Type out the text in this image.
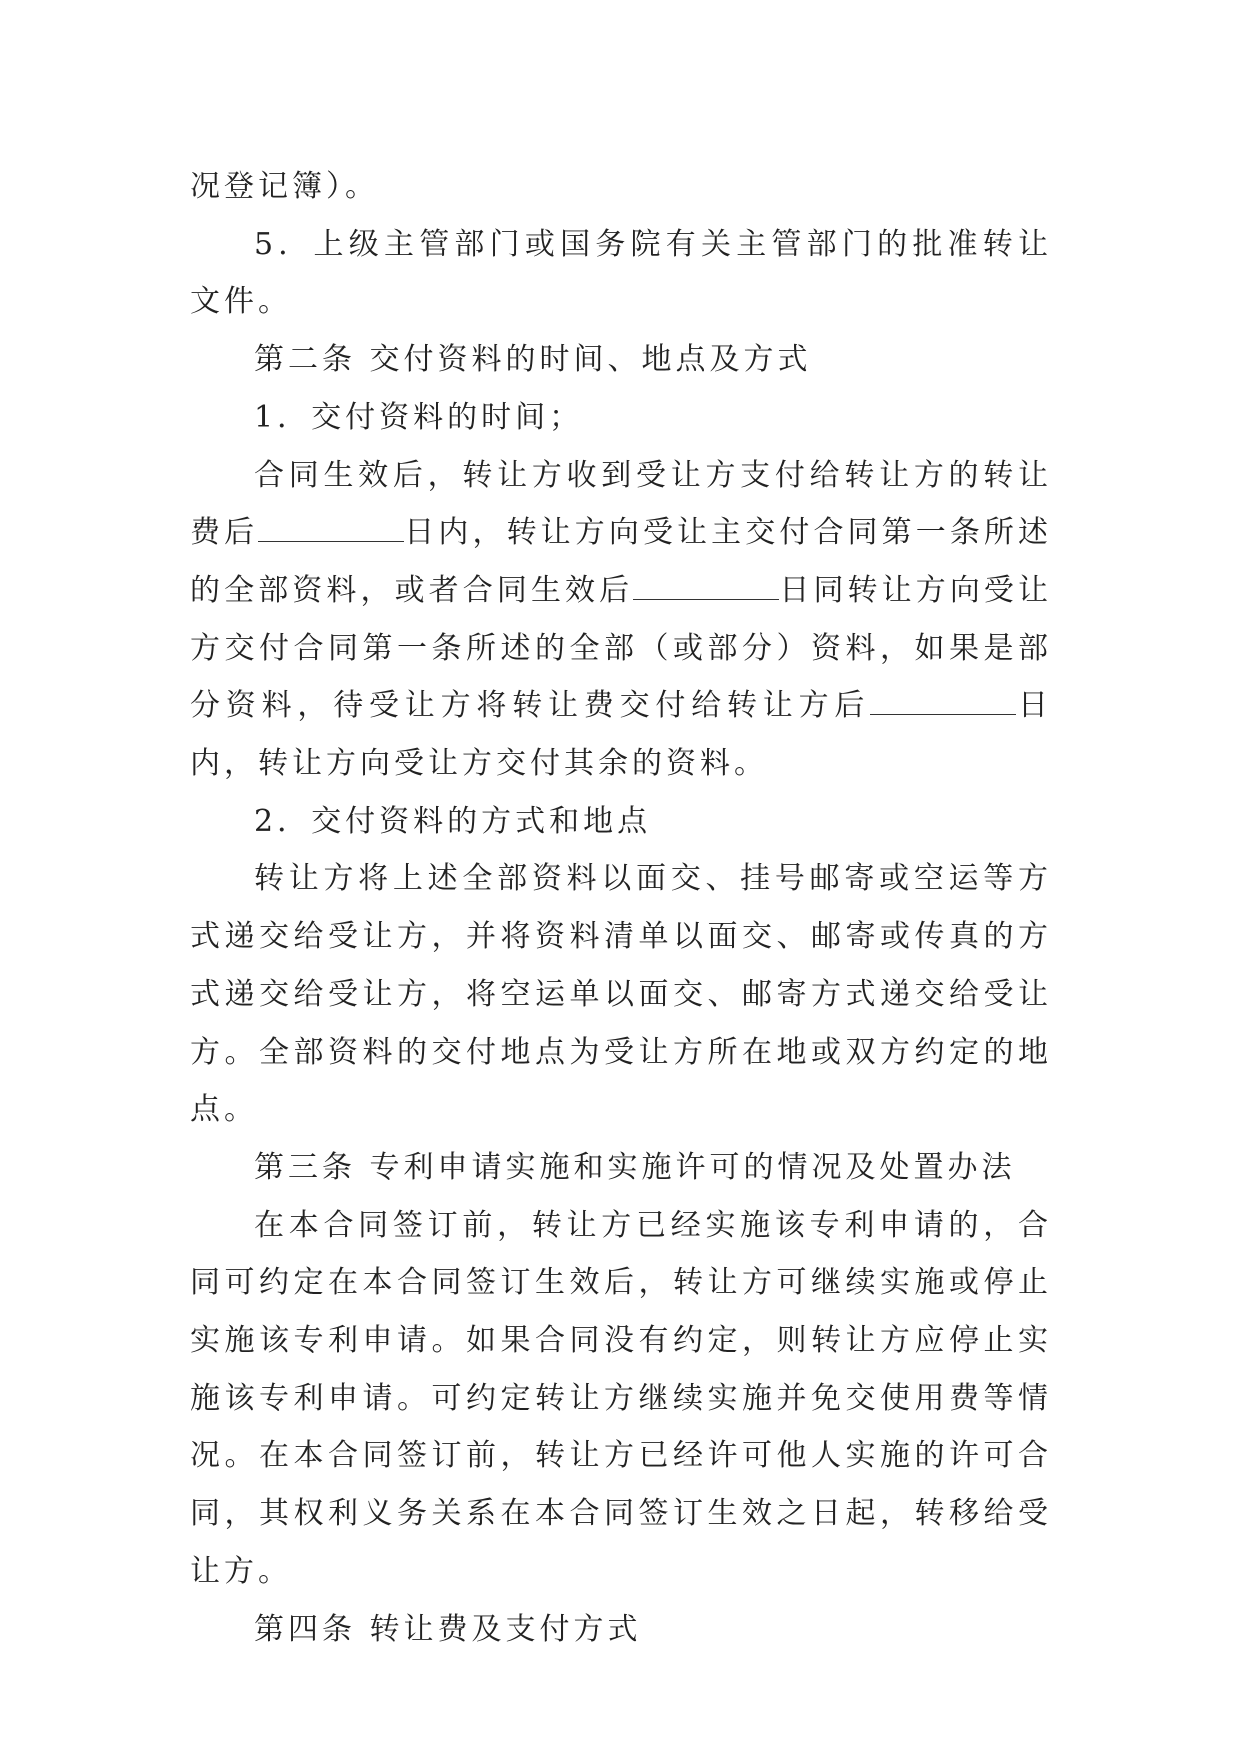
况登记簿）。

5．上级主管部门或国务院有关主管部门的批准转让文件。

第二条 交付资料的时间、地点及方式

1．交付资料的时间；

合同生效后，转让方收到受让方支付给转让方的转让费后	日内，转让方向受让主交付合同第一条所述的全部资料，或者合同生效后	日同转让方向受让方交付合同第一条所述的全部（或部分）资料，如果是部分资料，待受让方将转让费交付给转让方后	日内，转让方向受让方交付其余的资料。

2．交付资料的方式和地点

转让方将上述全部资料以面交、挂号邮寄或空运等方式递交给受让方，并将资料清单以面交、邮寄或传真的方式递交给受让方，将空运单以面交、邮寄方式递交给受让方。全部资料的交付地点为受让方所在地或双方约定的地点。

第三条 专利申请实施和实施许可的情况及处置办法

在本合同签订前，转让方已经实施该专利申请的，合同可约定在本合同签订生效后，转让方可继续实施或停止实施该专利申请。如果合同没有约定，则转让方应停止实施该专利申请。可约定转让方继续实施并免交使用费等情况。在本合同签订前，转让方已经许可他人实施的许可合同，其权利义务关系在本合同签订生效之日起，转移给受让方。

第四条 转让费及支付方式
